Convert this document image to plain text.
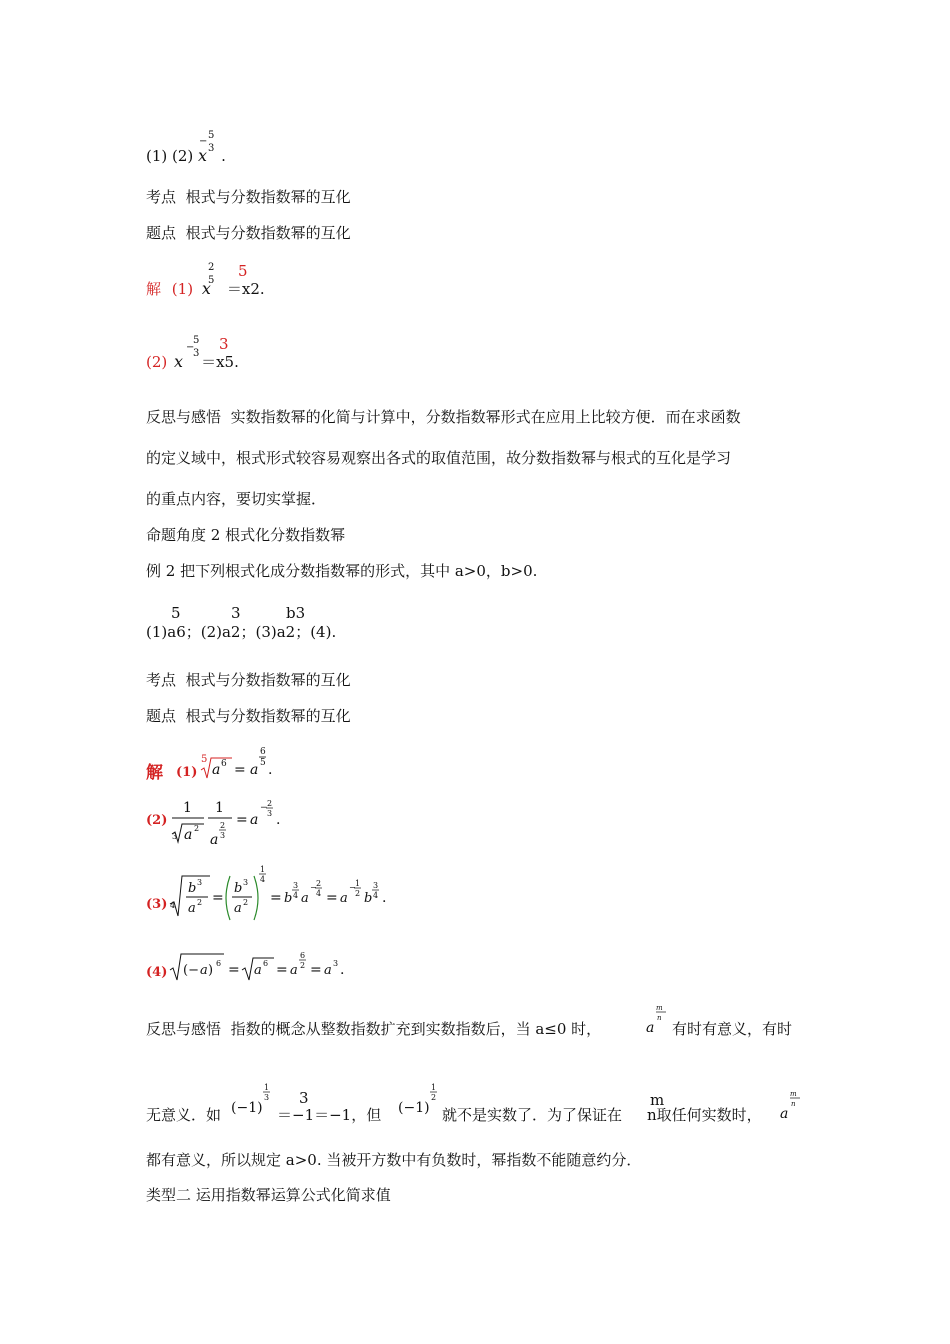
(1) (2) x
−
5
3 .
考点 根式与分数指数幂的互化
题点 根式与分数指数幂的互化
解 (1) x
2
5
5
＝x2.
(2) x
−
5
3
3
＝x5.
反思与感悟 实数指数幂的化简与计算中，分数指数幂形式在应用上比较方便．而在求函数
的定义域中，根式形式较容易观察出各式的取值范围，故分数指数幂与根式的互化是学习
的重点内容，要切实掌握．
命题角度 2 根式化分数指数幂
例 2 把下列根式化成分数指数幂的形式，其中 a>0，b>0.
5	3	b3
(1)a6；(2)a2；(3)a2；(4).
考点 根式与分数指数幂的互化
题点 根式与分数指数幂的互化
解 (1)
5
a 6 = a
6
5 .
(2)
1
3 a 2
1
a
2
3
= a
− 2
3 .
(3) 4
b 3
a 2 =
b 3
a 2
1
4
= b
3
4 a
− 2
4 = a
− 1
2 b
3
4 .
(4) (− a ) 6 = a 6 = a
6
2 = a 3 .
反思与感悟 指数的概念从整数指数扩充到实数指数后，当 a≤0 时，	a
m
n
有时有意义，有时
无意义．如 (−1)
1
3 3
＝−1＝−1，但 (−1)
1
2
就不是实数了．为了保证在
m
n取任何实数时， a
m
n
都有意义，所以规定 a>0. 当被开方数中有负数时，幂指数不能随意约分．
类型二 运用指数幂运算公式化简求值
